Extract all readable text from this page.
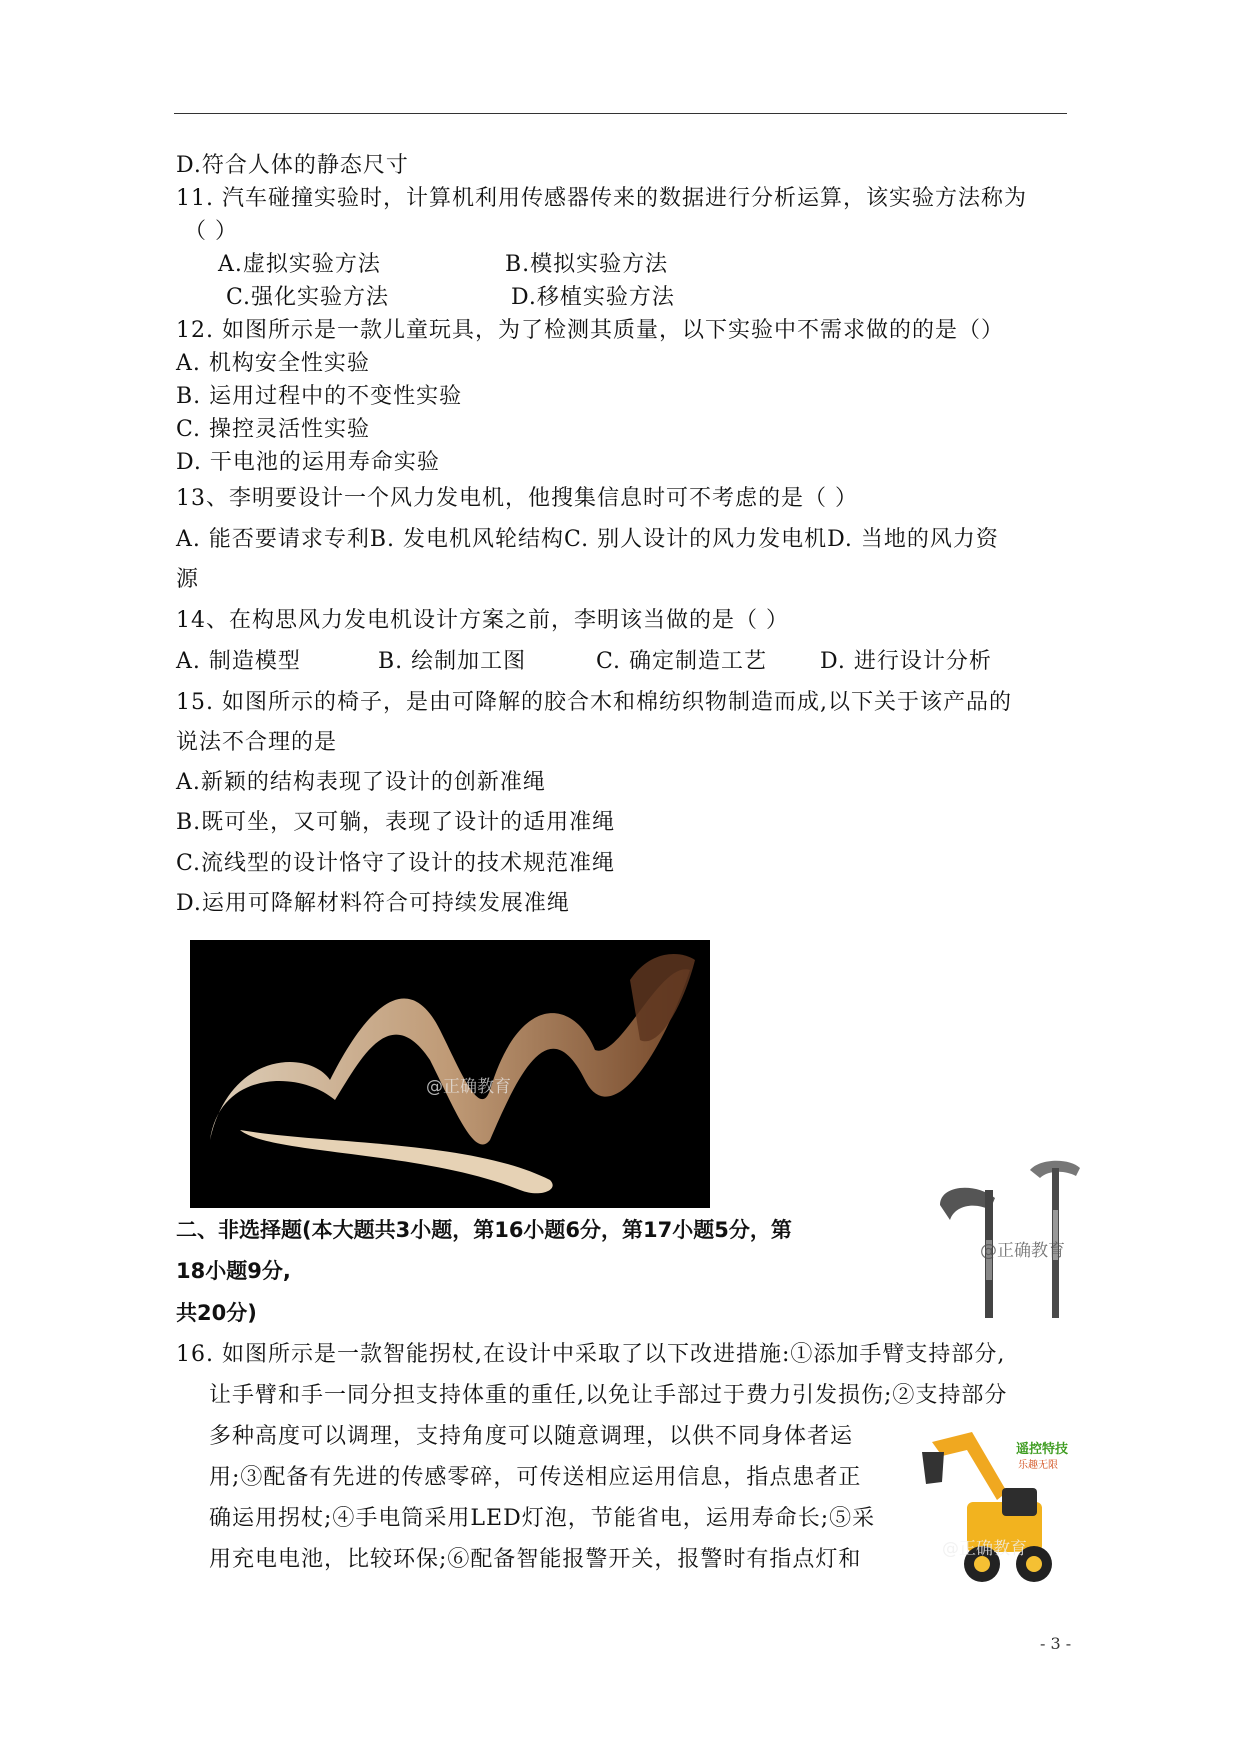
D.符合人体的静态尺寸
11. 汽车碰撞实验时，计算机利用传感器传来的数据进行分析运算，该实验方法称为
（ ）
A.虚拟实验方法	B.模拟实验方法
C.强化实验方法	D.移植实验方法
12. 如图所示是一款儿童玩具，为了检测其质量，以下实验中不需求做的的是（）
A. 机构安全性实验
B. 运用过程中的不变性实验
C. 操控灵活性实验
D. 干电池的运用寿命实验
13、李明要设计一个风力发电机，他搜集信息时可不考虑的是（ ）
A. 能否要请求专利B. 发电机风轮结构C. 别人设计的风力发电机D. 当地的风力资
源
14、在构思风力发电机设计方案之前，李明该当做的是（ ）
A. 制造模型	B. 绘制加工图	C. 确定制造工艺 D. 进行设计分析
15. 如图所示的椅子，是由可降解的胶合木和棉纺织物制造而成,以下关于该产品的
说法不合理的是
A.新颖的结构表现了设计的创新准绳
B.既可坐，又可躺，表现了设计的适用准绳
C.流线型的设计恪守了设计的技术规范准绳
D.运用可降解材料符合可持续发展准绳
@正确教育
@正确教育
二、非选择题(本大题共3小题，第16小题6分，第17小题5分，第
18小题9分,
共20分)
16. 如图所示是一款智能拐杖,在设计中采取了以下改进措施:①添加手臂支持部分,
让手臂和手一同分担支持体重的重任,以免让手部过于费力引发损伤;②支持部分
多种高度可以调理，支持角度可以随意调理，以供不同身体者运
用;③配备有先进的传感零碎，可传送相应运用信息，指点患者正
确运用拐杖;④手电筒采用LED灯泡，节能省电，运用寿命长;⑤采
用充电电池，比较环保;⑥配备智能报警开关，报警时有指点灯和
遥控特技
乐趣无限
@正确教育
- 3 -
